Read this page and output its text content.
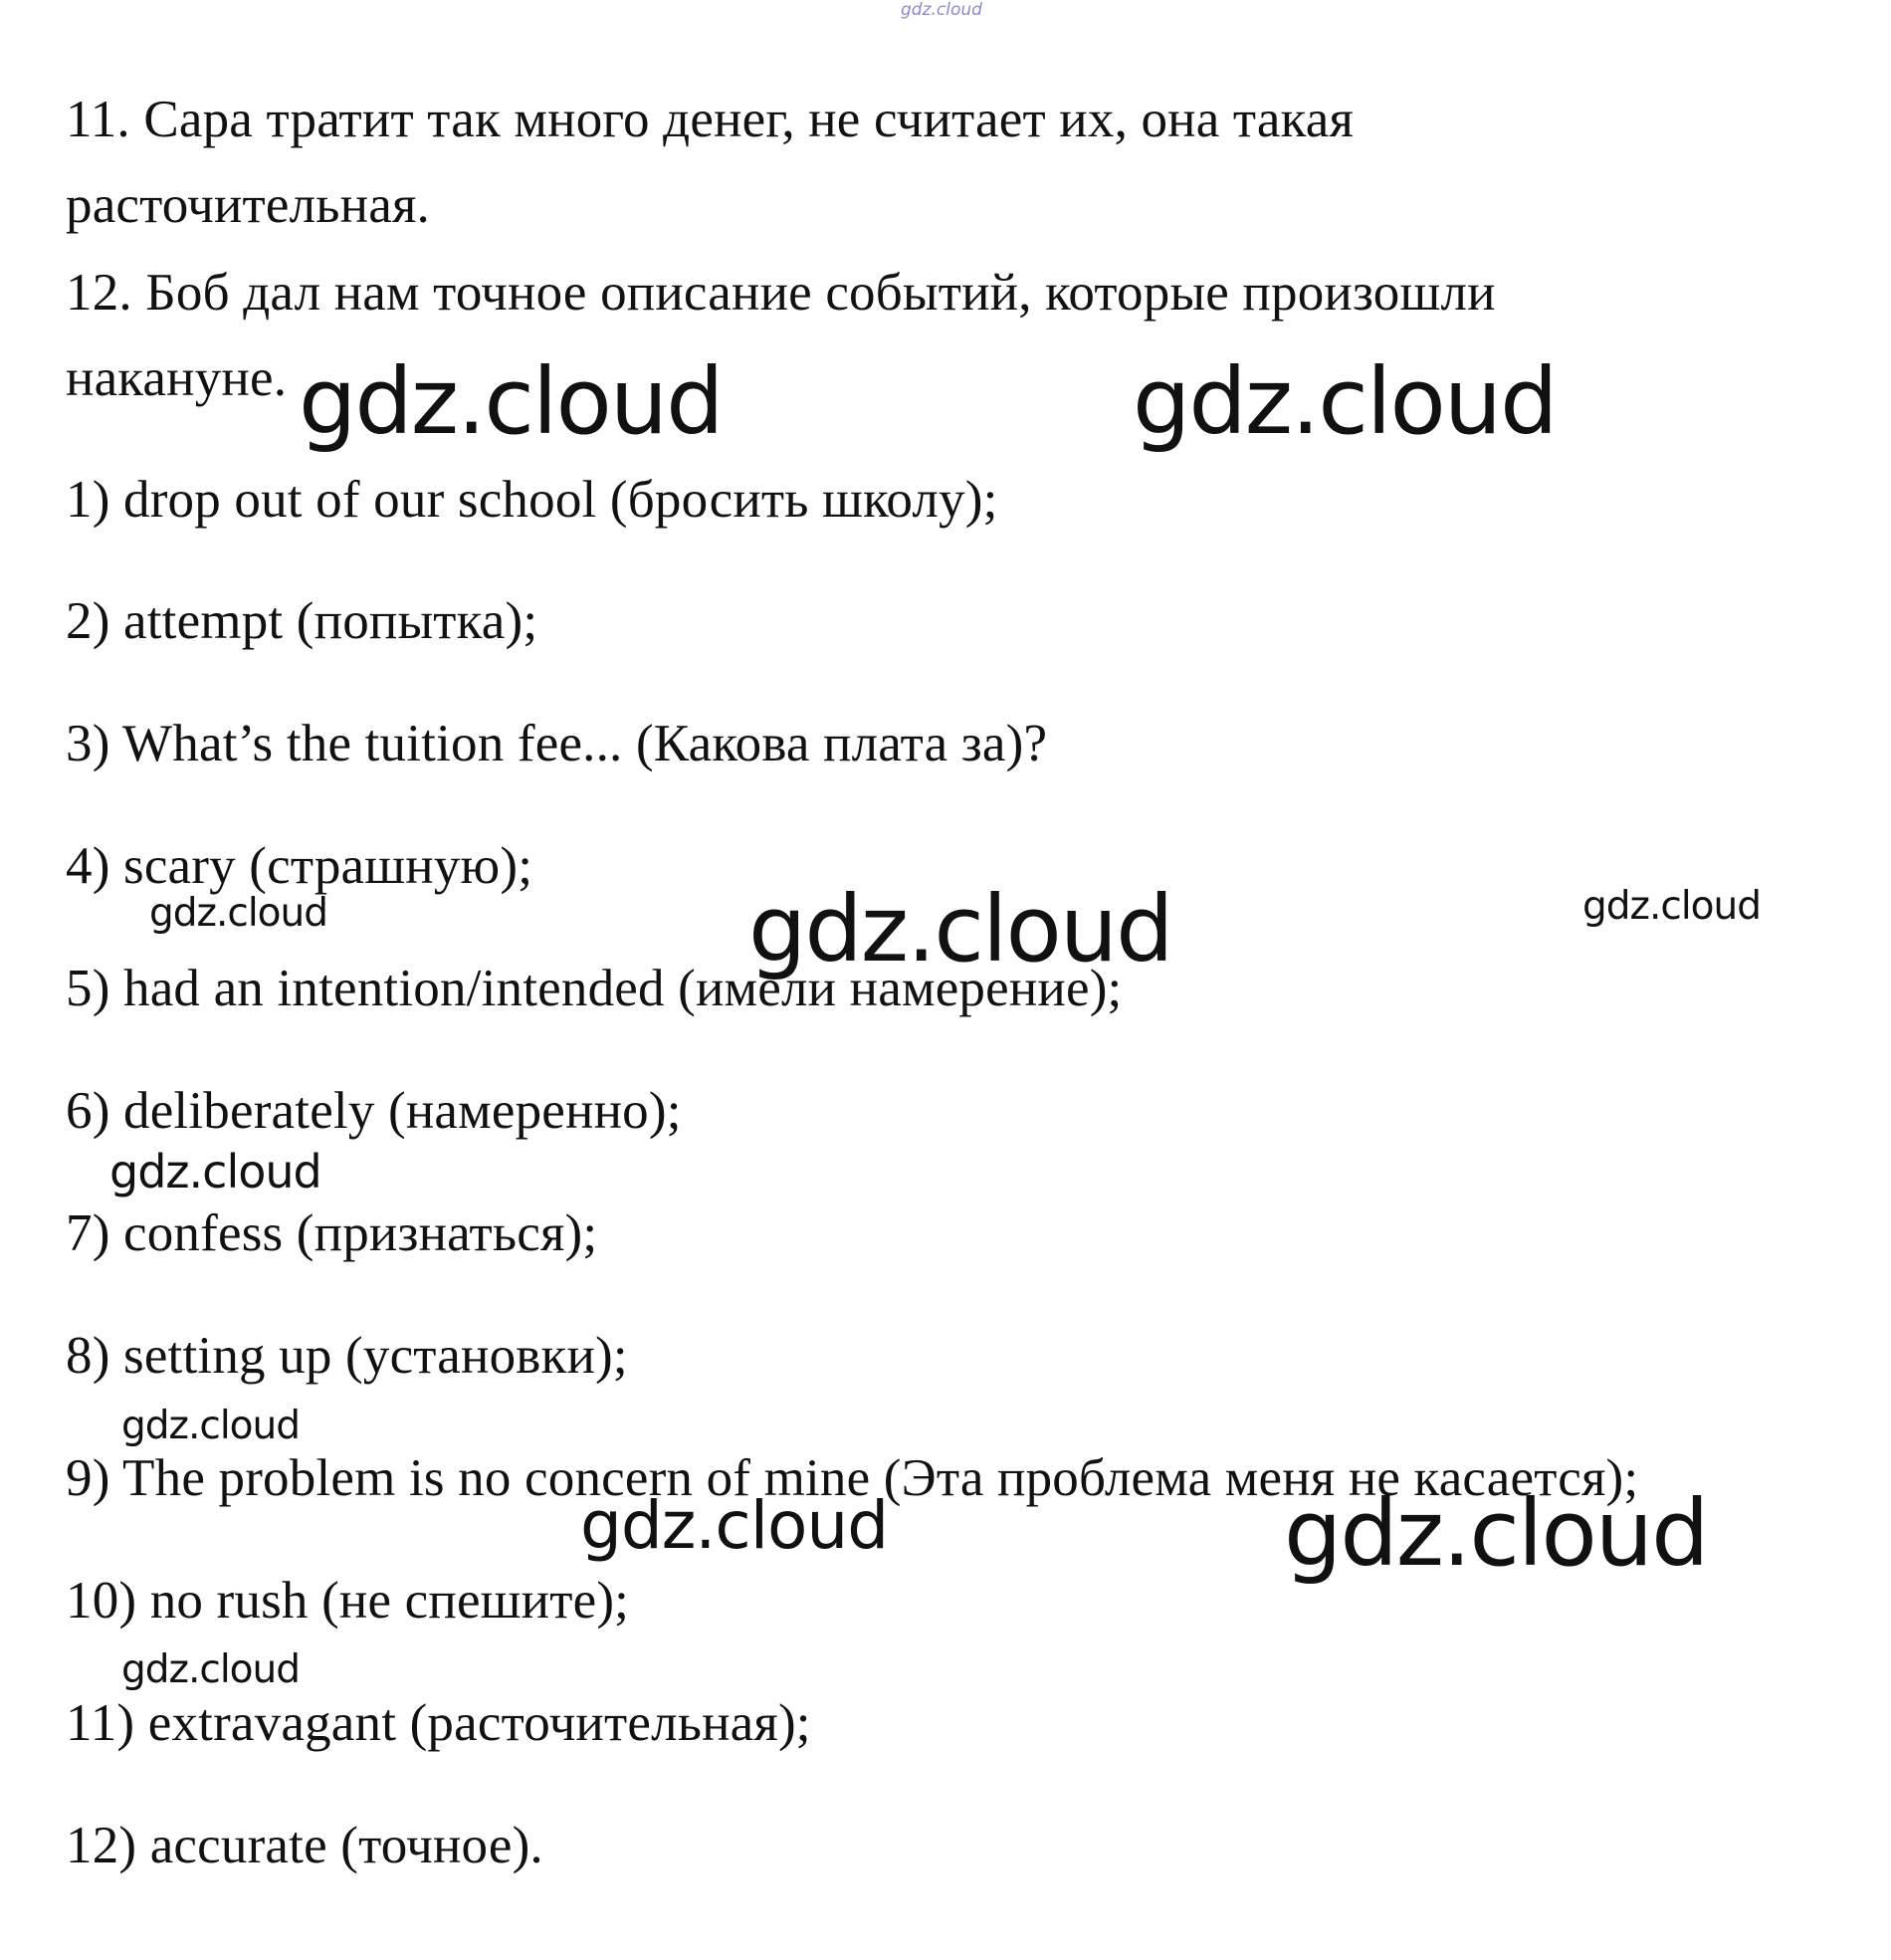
gdz.cloud
11. Сара тратит так много денег, не считает их, она такая
расточительная.
12. Боб дал нам точное описание событий, которые произошли
накануне.
1) drop out of our school (бросить школу);
2) attempt (попытка);
3) What’s the tuition fee... (Какова плата за)?
4) scary (страшную);
5) had an intention/intended (имели намерение);
6) deliberately (намеренно);
7) confess (признаться);
8) setting up (установки);
9) The problem is no concern of mine (Эта проблема меня не касается);
10) no rush (не спешите);
11) extravagant (расточительная);
12) accurate (точное).
gdz.cloud	gdz.cloud
gdz.cloud
gdz.cloud
gdz.cloud
gdz.cloud
gdz.cloud	gdz.cloud
gdz.cloud
gdz.cloud
